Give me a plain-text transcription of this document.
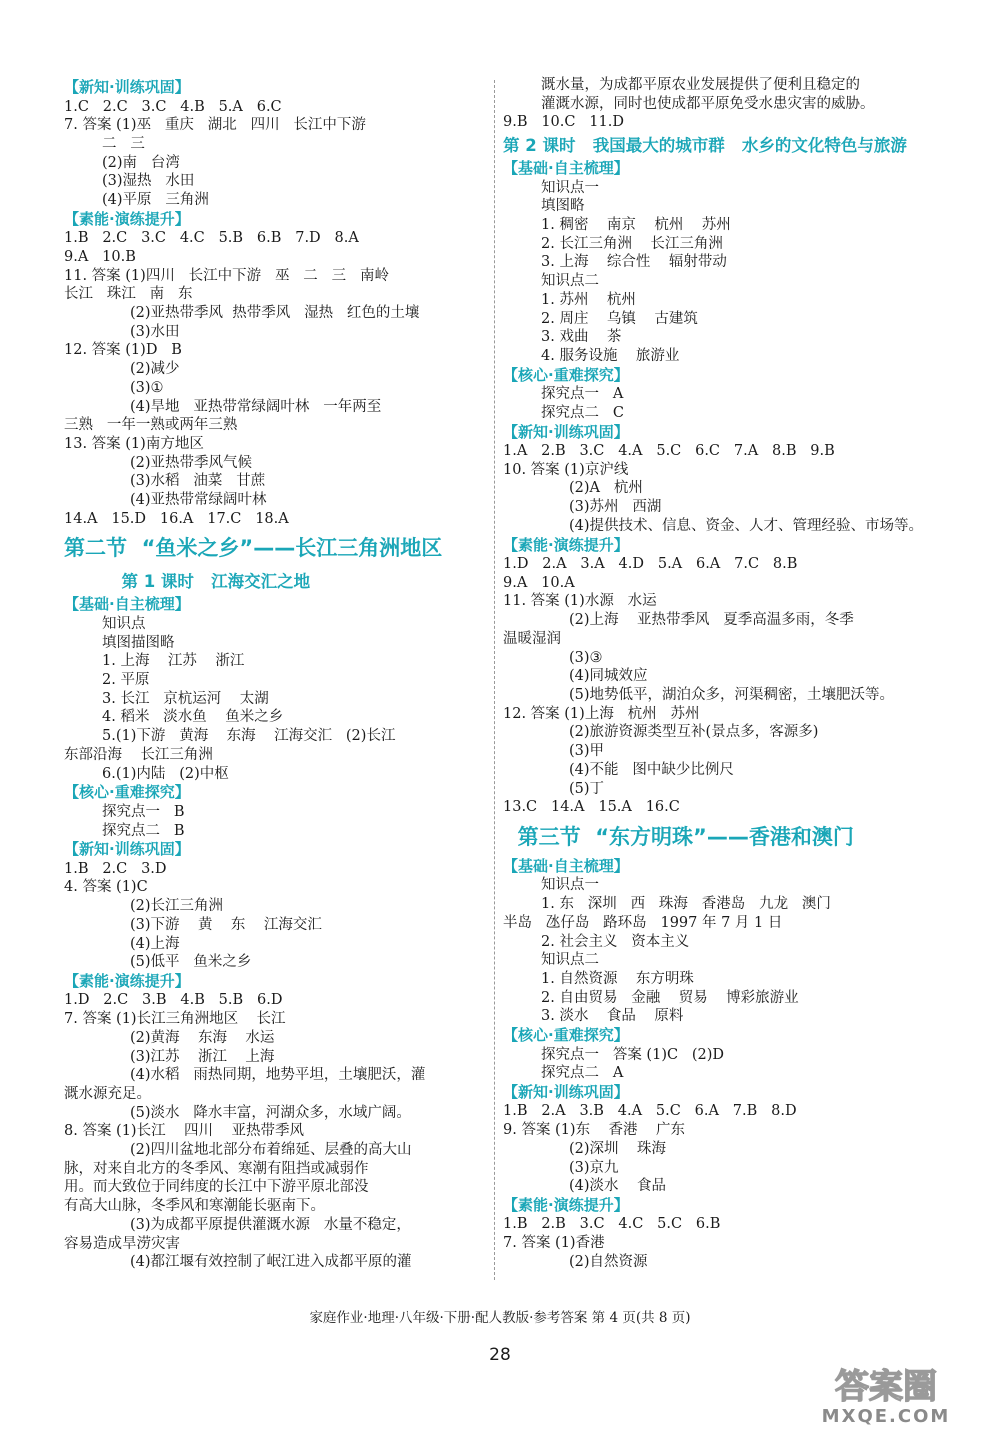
【新知·训练巩固】
1.C   2.C   3.C   4.B   5.A   6.C
7. 答案 (1)巫   重庆   湖北   四川   长江中下游
二   三
(2)南   台湾
(3)湿热   水田
(4)平原   三角洲
【素能·演练提升】
1.B   2.C   3.C   4.C   5.B   6.B   7.D   8.A
9.A   10.B
11. 答案 (1)四川   长江中下游   巫   二   三   南岭
长江   珠江   南   东
(2)亚热带季风  热带季风   湿热   红色的土壤
(3)水田
12. 答案 (1)D   B
(2)减少
(3)①
(4)旱地   亚热带常绿阔叶林   一年两至
三熟   一年一熟或两年三熟
13. 答案 (1)南方地区
(2)亚热带季风气候
(3)水稻   油菜   甘蔗
(4)亚热带常绿阔叶林
14.A   15.D   16.A   17.C   18.A
第二节  “鱼米之乡”——长江三角洲地区
第 1 课时   江海交汇之地
【基础·自主梳理】
知识点
填图描图略
1. 上海    江苏    浙江
2. 平原
3. 长江   京杭运河    太湖
4. 稻米   淡水鱼    鱼米之乡
5.(1)下游   黄海    东海    江海交汇   (2)长江
东部沿海    长江三角洲
6.(1)内陆   (2)中枢
【核心·重难探究】
探究点一   B
探究点二   B
【新知·训练巩固】
1.B   2.C   3.D
4. 答案 (1)C
(2)长江三角洲
(3)下游    黄    东    江海交汇
(4)上海
(5)低平   鱼米之乡
【素能·演练提升】
1.D   2.C   3.B   4.B   5.B   6.D
7. 答案 (1)长江三角洲地区    长江
(2)黄海    东海    水运
(3)江苏    浙江    上海
(4)水稻   雨热同期，地势平坦，土壤肥沃，灌
溉水源充足。
(5)淡水   降水丰富，河湖众多，水域广阔。
8. 答案 (1)长江    四川    亚热带季风
(2)四川盆地北部分布着绵延、层叠的高大山
脉，对来自北方的冬季风、寒潮有阻挡或减弱作
用。而大致位于同纬度的长江中下游平原北部没
有高大山脉，冬季风和寒潮能长驱南下。
(3)为成都平原提供灌溉水源   水量不稳定，
容易造成旱涝灾害
(4)都江堰有效控制了岷江进入成都平原的灌
溉水量，为成都平原农业发展提供了便利且稳定的
灌溉水源，同时也使成都平原免受水患灾害的威胁。
9.B   10.C   11.D
第 2 课时   我国最大的城市群   水乡的文化特色与旅游
【基础·自主梳理】
知识点一
填图略
1. 稠密    南京    杭州    苏州
2. 长江三角洲    长江三角洲
3. 上海    综合性    辐射带动
知识点二
1. 苏州    杭州
2. 周庄    乌镇    古建筑
3. 戏曲    茶
4. 服务设施    旅游业
【核心·重难探究】
探究点一   A
探究点二   C
【新知·训练巩固】
1.A   2.B   3.C   4.A   5.C   6.C   7.A   8.B   9.B
10. 答案 (1)京沪线
(2)A   杭州
(3)苏州   西湖
(4)提供技术、信息、资金、人才、管理经验、市场等。
【素能·演练提升】
1.D   2.A   3.A   4.D   5.A   6.A   7.C   8.B
9.A   10.A
11. 答案 (1)水源   水运
(2)上海    亚热带季风   夏季高温多雨，冬季
温暖湿润
(3)③
(4)同城效应
(5)地势低平，湖泊众多，河渠稠密，土壤肥沃等。
12. 答案 (1)上海   杭州   苏州
(2)旅游资源类型互补(景点多，客源多)
(3)甲
(4)不能   图中缺少比例尺
(5)丁
13.C   14.A   15.A   16.C
第三节  “东方明珠”——香港和澳门
【基础·自主梳理】
知识点一
1. 东   深圳   西   珠海   香港岛   九龙   澳门
半岛   氹仔岛   路环岛   1997 年 7 月 1 日
2. 社会主义   资本主义
知识点二
1. 自然资源    东方明珠
2. 自由贸易   金融    贸易    博彩旅游业
3. 淡水    食品    原料
【核心·重难探究】
探究点一   答案 (1)C   (2)D
探究点二   A
【新知·训练巩固】
1.B   2.A   3.B   4.A   5.C   6.A   7.B   8.D
9. 答案 (1)东    香港    广东
(2)深圳    珠海
(3)京九
(4)淡水    食品
【素能·演练提升】
1.B   2.B   3.C   4.C   5.C   6.B
7. 答案 (1)香港
(2)自然资源
家庭作业·地理·八年级·下册·配人教版·参考答案 第 4 页(共 8 页)
28
答案圈
MXQE.COM
